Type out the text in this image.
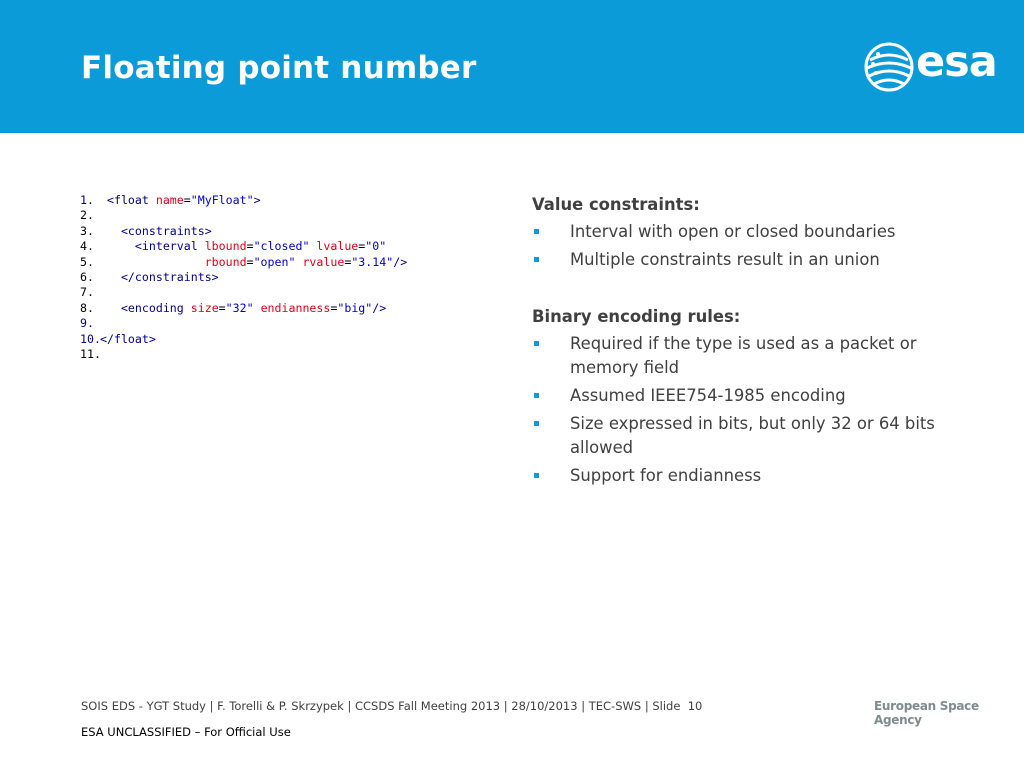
Floating point number	esa
1. <float name="MyFloat">
2.
3.   <constraints>
4.     <interval lbound="closed" lvalue="0"
5.	rbound="open" rvalue="3.14"/>
6.   </constraints>
7.
8.   <encoding size="32" endianness="big"/>
9.
10.</float>
11.

Value constraints:

Interval with open or closed boundaries
Multiple constraints result in an union

Binary encoding rules:

Required if the type is used as a packet or memory field
Assumed IEEE754-1985 encoding
Size expressed in bits, but only 32 or 64 bits allowed
Support for endianness
SOIS EDS - YGT Study | F. Torelli & P. Skrzypek | CCSDS Fall Meeting 2013 | 28/10/2013 | TEC-SWS | Slide  10	European Space Agency
ESA UNCLASSIFIED – For Official Use
